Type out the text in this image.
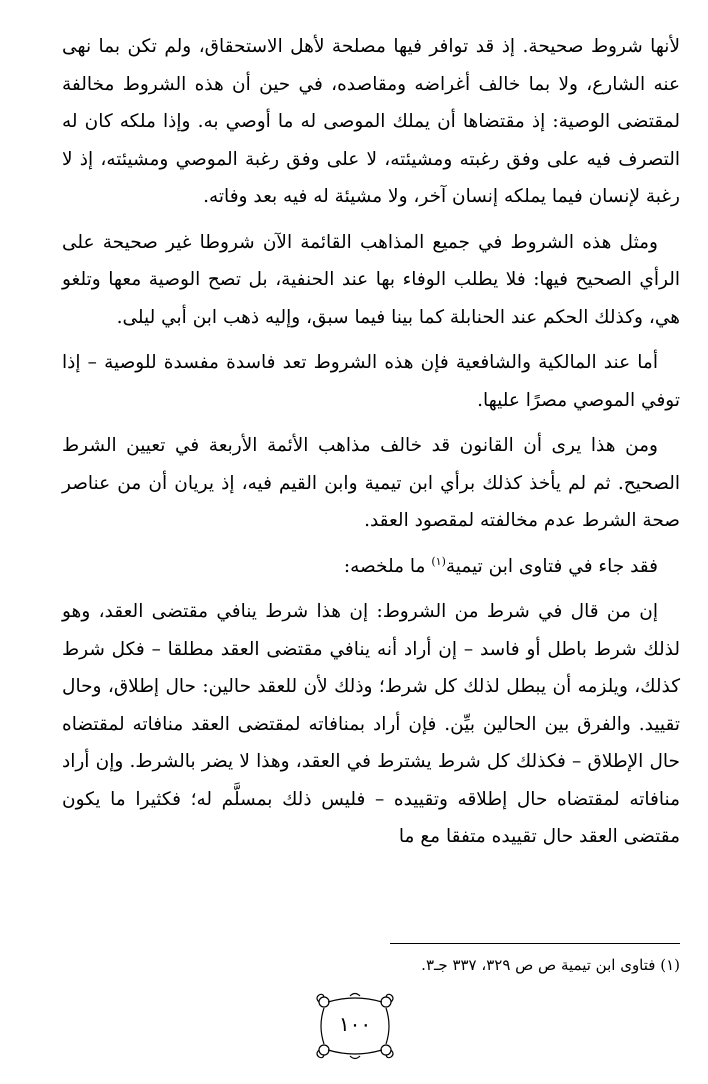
لأنها شروط صحيحة. إذ قد توافر فيها مصلحة لأهل الاستحقاق، ولم تكن بما نهى عنه الشارع، ولا بما خالف أغراضه ومقاصده، في حين أن هذه الشروط مخالفة لمقتضى الوصية: إذ مقتضاها أن يملك الموصى له ما أوصي به. وإذا ملكه كان له التصرف فيه على وفق رغبته ومشيئته، لا على وفق رغبة الموصي ومشيئته، إذ لا رغبة لإنسان فيما يملكه إنسان آخر، ولا مشيئة له فيه بعد وفاته.

ومثل هذه الشروط في جميع المذاهب القائمة الآن شروطا غير صحيحة على الرأي الصحيح فيها: فلا يطلب الوفاء بها عند الحنفية، بل تصح الوصية معها وتلغو هي، وكذلك الحكم عند الحنابلة كما بينا فيما سبق، وإليه ذهب ابن أبي ليلى.

أما عند المالكية والشافعية فإن هذه الشروط تعد فاسدة مفسدة للوصية – إذا توفي الموصي مصرًا عليها.

ومن هذا يرى أن القانون قد خالف مذاهب الأئمة الأربعة في تعيين الشرط الصحيح. ثم لم يأخذ كذلك برأي ابن تيمية وابن القيم فيه، إذ يريان أن من عناصر صحة الشرط عدم مخالفته لمقصود العقد.

فقد جاء في فتاوى ابن تيمية$^{(١)}$ ما ملخصه:

إن من قال في شرط من الشروط: إن هذا شرط ينافي مقتضى العقد، وهو لذلك شرط باطل أو فاسد – إن أراد أنه ينافي مقتضى العقد مطلقا – فكل شرط كذلك، ويلزمه أن يبطل لذلك كل شرط؛ وذلك لأن للعقد حالين: حال إطلاق، وحال تقييد. والفرق بين الحالين بيِّن. فإن أراد بمنافاته لمقتضى العقد منافاته لمقتضاه حال الإطلاق – فكذلك كل شرط يشترط في العقد، وهذا لا يضر بالشرط. وإن أراد منافاته لمقتضاه حال إطلاقه وتقييده – فليس ذلك بمسلَّم له؛ فكثيرا ما يكون مقتضى العقد حال تقييده متفقا مع ما

(١) فتاوى ابن تيمية ص ص ٣٢٩، ٣٣٧ جـ٣.
١٠٠
